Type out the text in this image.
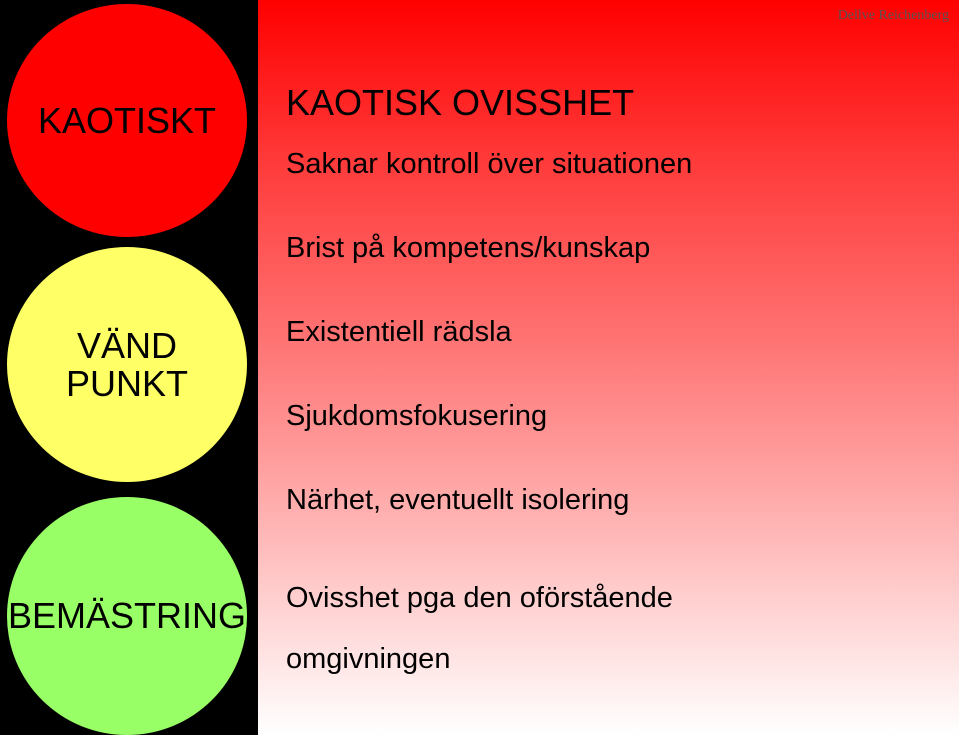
KAOTISKT
VÄND
PUNKT
BEMÄSTRING
Dellve Reichenberg
KAOTISK OVISSHET

Saknar kontroll över situationen

Brist på kompetens/kunskap

Existentiell rädsla

Sjukdomsfokusering

Närhet, eventuellt isolering

Ovisshet pga den oförstående omgivningen
